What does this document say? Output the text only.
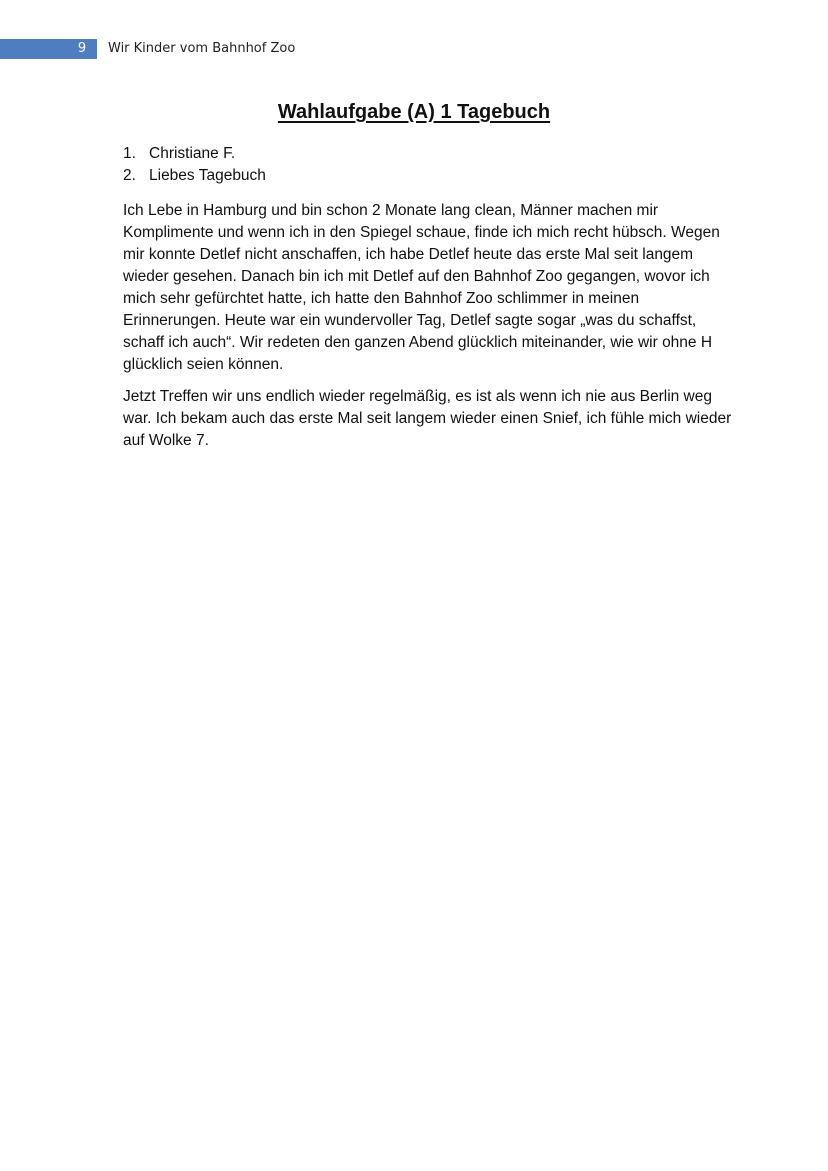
9	Wir Kinder vom Bahnhof Zoo
Wahlaufgabe (A) 1 Tagebuch
1. Christiane F.
2. Liebes Tagebuch

Ich Lebe in Hamburg und bin schon 2 Monate lang clean, Männer machen mir Komplimente und wenn ich in den Spiegel schaue, finde ich mich recht hübsch. Wegen mir konnte Detlef nicht anschaffen, ich habe Detlef heute das erste Mal seit langem wieder gesehen. Danach bin ich mit Detlef auf den Bahnhof Zoo gegangen, wovor ich mich sehr gefürchtet hatte, ich hatte den Bahnhof Zoo schlimmer in meinen Erinnerungen. Heute war ein wundervoller Tag, Detlef sagte sogar „was du schaffst, schaff ich auch“. Wir redeten den ganzen Abend glücklich miteinander, wie wir ohne H glücklich seien können.

Jetzt Treffen wir uns endlich wieder regelmäßig, es ist als wenn ich nie aus Berlin weg war. Ich bekam auch das erste Mal seit langem wieder einen Snief, ich fühle mich wieder auf Wolke 7.
